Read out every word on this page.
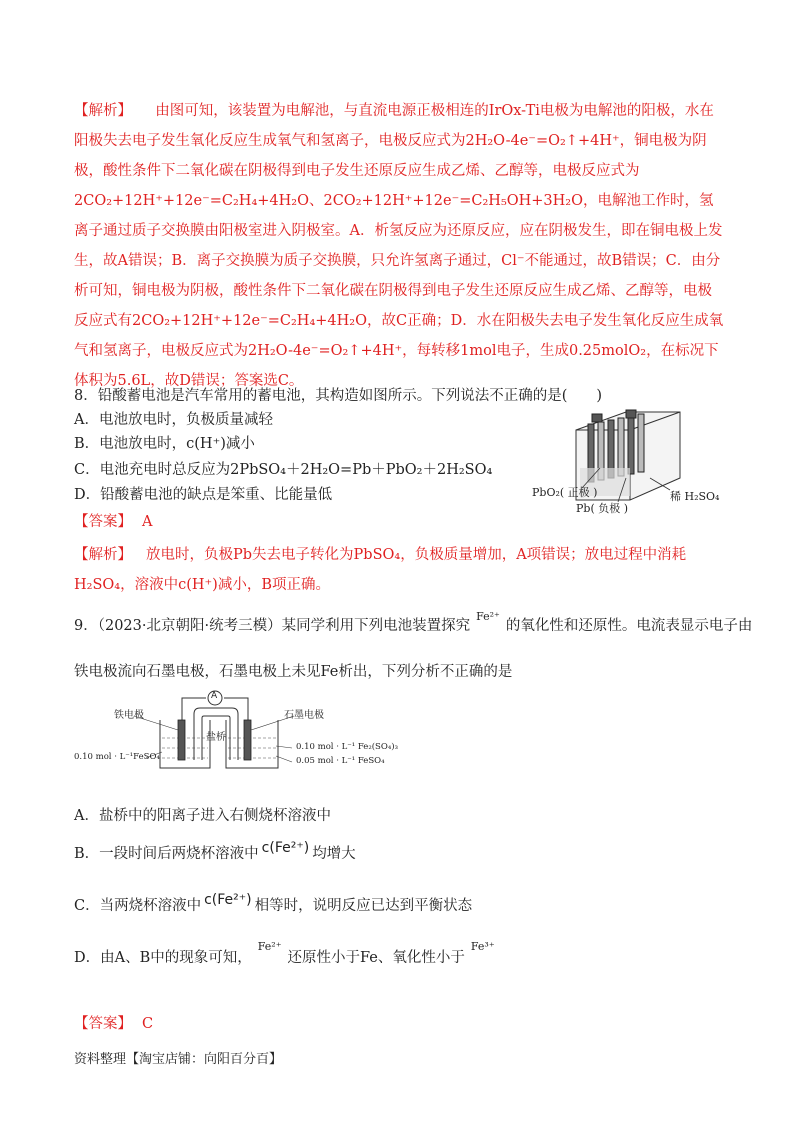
【解析】 由图可知，该装置为电解池，与直流电源正极相连的IrOx-Ti电极为电解池的阳极，水在阳极失去电子发生氧化反应生成氧气和氢离子，电极反应式为2H₂O-4e⁻=O₂↑+4H⁺，铜电极为阴极，酸性条件下二氧化碳在阴极得到电子发生还原反应生成乙烯、乙醇等，电极反应式为2CO₂+12H⁺+12e⁻=C₂H₄+4H₂O、2CO₂+12H⁺+12e⁻=C₂H₅OH+3H₂O，电解池工作时，氢离子通过质子交换膜由阳极室进入阴极室。A．析氢反应为还原反应，应在阴极发生，即在铜电极上发生，故A错误；B．离子交换膜为质子交换膜，只允许氢离子通过，Cl⁻不能通过，故B错误；C．由分析可知，铜电极为阴极，酸性条件下二氧化碳在阴极得到电子发生还原反应生成乙烯、乙醇等，电极反应式有2CO₂+12H⁺+12e⁻=C₂H₄+4H₂O，故C正确；D．水在阳极失去电子发生氧化反应生成氧气和氢离子，电极反应式为2H₂O-4e⁻=O₂↑+4H⁺，每转移1mol电子，生成0.25molO₂，在标况下体积为5.6L，故D错误；答案选C。
8．铅酸蓄电池是汽车常用的蓄电池，其构造如图所示。下列说法不正确的是(　　)
A．电池放电时，负极质量减轻
B．电池放电时，c(H⁺)减小
C．电池充电时总反应为2PbSO₄＋2H₂O=Pb＋PbO₂＋2H₂SO₄
D．铅酸蓄电池的缺点是笨重、比能量低	PbO₂( 正极 )
Pb( 负极 )
稀 H₂SO₄
【答案】 A
【解析】 放电时，负极Pb失去电子转化为PbSO₄，负极质量增加，A项错误；放电过程中消耗H₂SO₄，溶液中c(H⁺)减小，B项正确。
9．（2023·北京朝阳·统考三模）某同学利用下列电池装置探究$^{Fe^{2+}}$的氧化性和还原性。电流表显示电子由
铁电极流向石墨电极，石墨电极上未见Fe析出，下列分析不正确的是
A
铁电极	石墨电极
盐桥
0.10 mol · L⁻¹FeSO₄
0.10 mol · L⁻¹ Fe₂(SO₄)₃
0.05 mol · L⁻¹ FeSO₄
A．盐桥中的阳离子进入右侧烧杯溶液中
B．一段时间后两烧杯溶液中 c(Fe²⁺) 均增大
C．当两烧杯溶液中 c(Fe²⁺) 相等时，说明反应已达到平衡状态
D．由A、B中的现象可知，$^{Fe^{2+}}$还原性小于Fe、氧化性小于$^{Fe^{3+}}$
【答案】 C
资料整理【淘宝店铺：向阳百分百】
